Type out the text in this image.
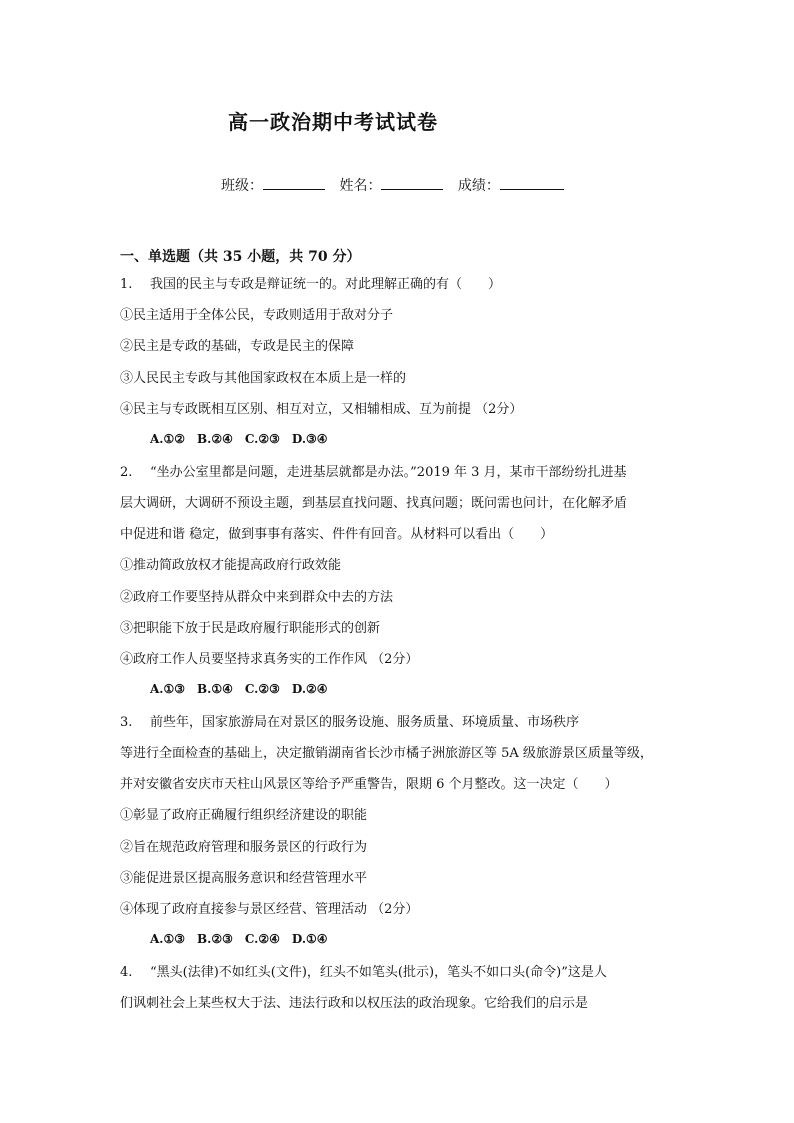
高一政治期中考试试卷
班级：	姓名：	成绩：
一、单选题（共 35 小题，共 70 分）
1. 我国的民主与专政是辩证统一的。对此理解正确的有（　　）
①民主适用于全体公民，专政则适用于敌对分子
②民主是专政的基础，专政是民主的保障
③人民民主专政与其他国家政权在本质上是一样的
④民主与专政既相互区别、相互对立，又相辅相成、互为前提 （2分）
A.①②　B.②④　C.②③　D.③④
2. “坐办公室里都是问题，走进基层就都是办法。”2019 年 3 月，某市干部纷纷扎进基
层大调研，大调研不预设主题，到基层直找问题、找真问题；既问需也问计，在化解矛盾
中促进和谐 稳定，做到事事有落实、件件有回音。从材料可以看出（　　）
①推动简政放权才能提高政府行政效能
②政府工作要坚持从群众中来到群众中去的方法
③把职能下放于民是政府履行职能形式的创新
④政府工作人员要坚持求真务实的工作作风 （2分）
A.①③　B.①④　C.②③　D.②④
3. 前些年，国家旅游局在对景区的服务设施、服务质量、环境质量、市场秩序
等进行全面检查的基础上，决定撤销湖南省长沙市橘子洲旅游区等 5A 级旅游景区质量等级，
并对安徽省安庆市天柱山风景区等给予严重警告，限期 6 个月整改。这一决定（　　）
①彰显了政府正确履行组织经济建设的职能
②旨在规范政府管理和服务景区的行政行为
③能促进景区提高服务意识和经营管理水平
④体现了政府直接参与景区经营、管理活动 （2分）
A.①③　B.②③　C.②④　D.①④
4. “黑头(法律)不如红头(文件)，红头不如笔头(批示)，笔头不如口头(命令)”这是人
们讽刺社会上某些权大于法、违法行政和以权压法的政治现象。它给我们的启示是
